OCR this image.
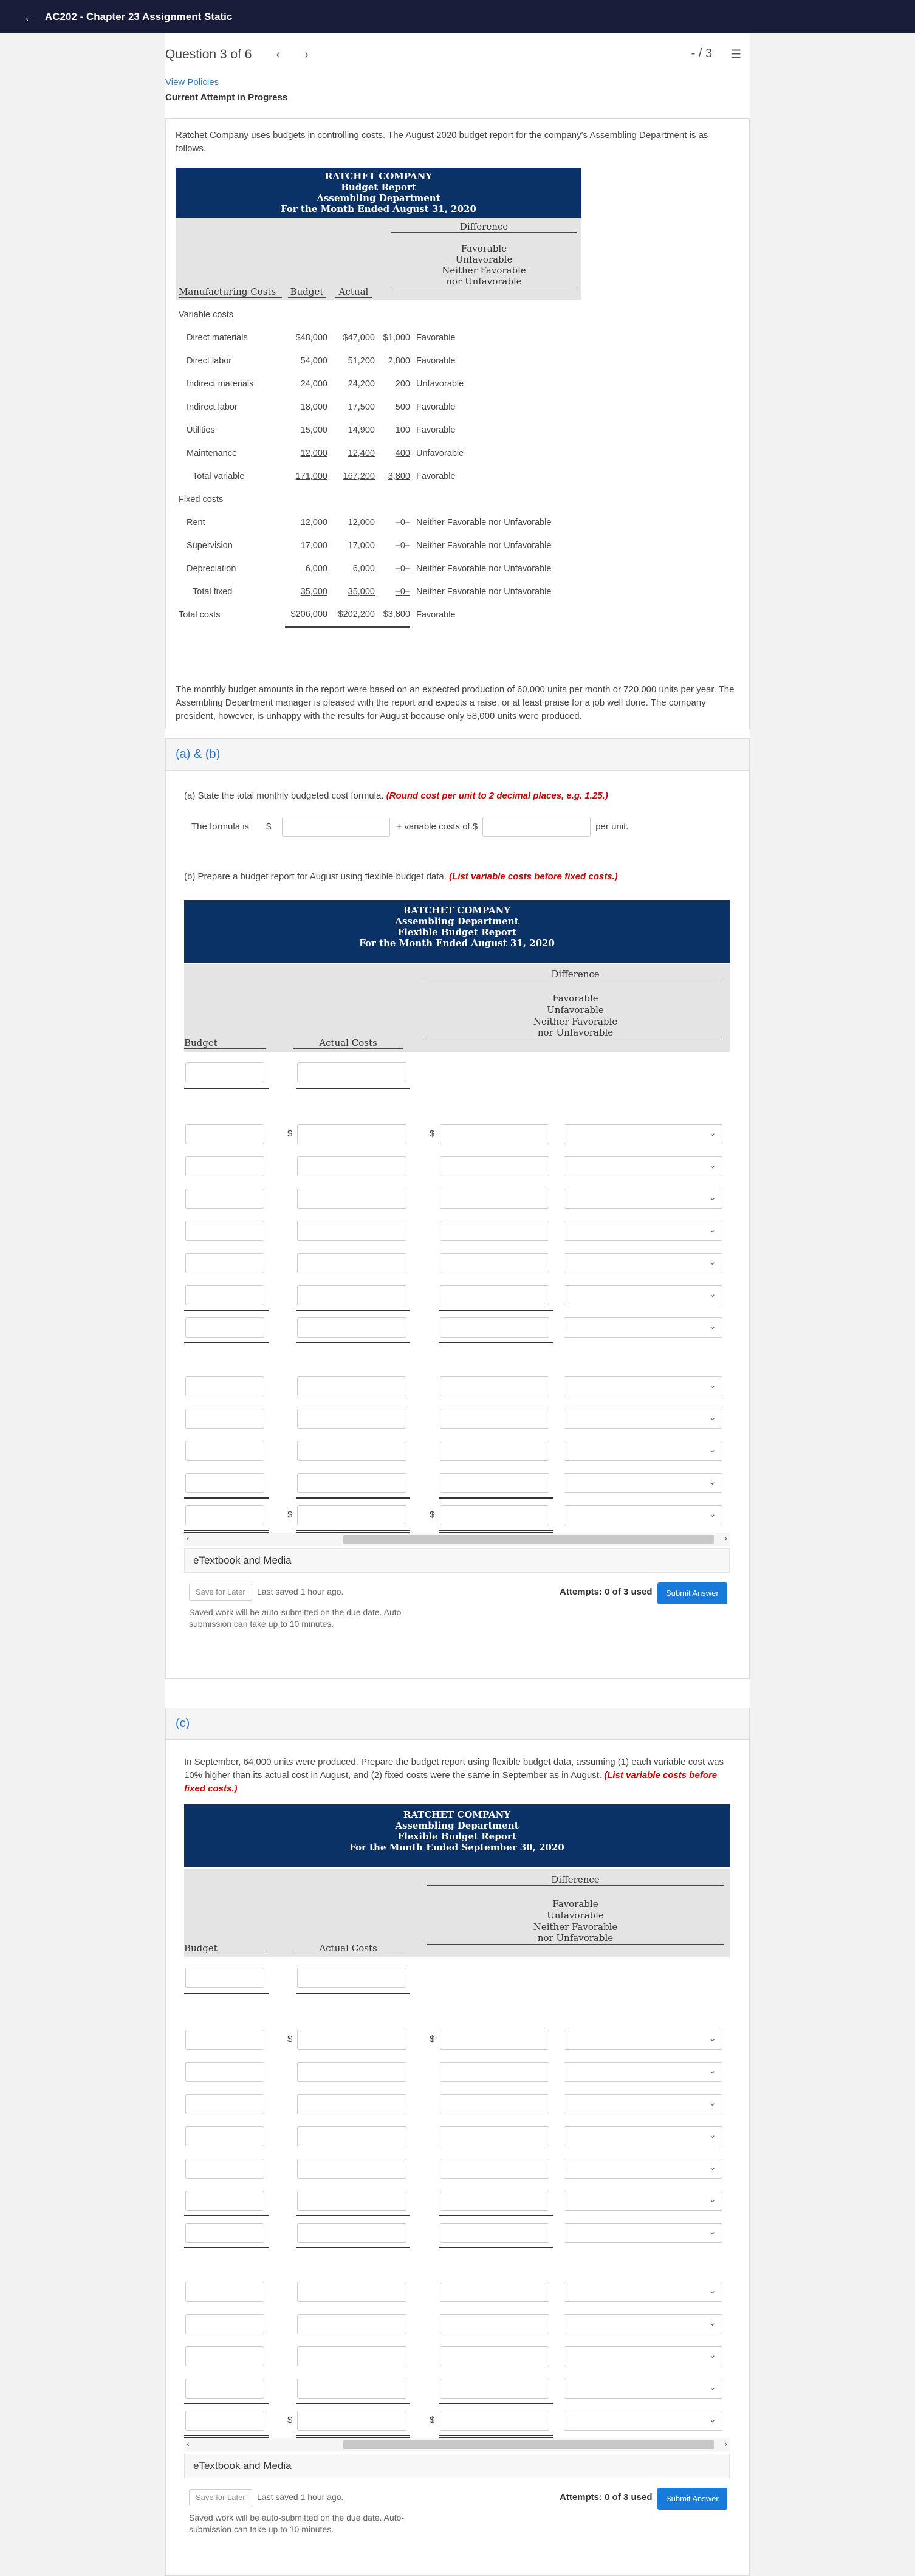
← AC202 - Chapter 23 Assignment Static
Question 3 of 6 ‹ ›	- / 3 ☰
View Policies
Current Attempt in Progress
Ratchet Company uses budgets in controlling costs. The August 2020 budget report for the company's Assembling Department is as follows.
RATCHET COMPANY
Budget Report
Assembling Department
For the Month Ended August 31, 2020
Difference
Favorable
Unfavorable
Neither Favorable
nor Unfavorable
Manufacturing Costs	Budget	Actual
Variable costs				
Direct materials	$48,000	$47,000	$1,000	Favorable
Direct labor	54,000	51,200	2,800	Favorable
Indirect materials	24,000	24,200	200	Unfavorable
Indirect labor	18,000	17,500	500	Favorable
Utilities	15,000	14,900	100	Favorable
Maintenance	12,000	12,400	400	Unfavorable
Total variable	171,000	167,200	3,800	Favorable
Fixed costs				
Rent	12,000	12,000	–0–	Neither Favorable nor Unfavorable
Supervision	17,000	17,000	–0–	Neither Favorable nor Unfavorable
Depreciation	6,000	6,000	–0–	Neither Favorable nor Unfavorable
Total fixed	35,000	35,000	–0–	Neither Favorable nor Unfavorable
Total costs	$206,000	$202,200	$3,800	Favorable
The monthly budget amounts in the report were based on an expected production of 60,000 units per month or 720,000 units per year. The Assembling Department manager is pleased with the report and expects a raise, or at least praise for a job well done. The company president, however, is unhappy with the results for August because only 58,000 units were produced.
(a) & (b)
(a) State the total monthly budgeted cost formula. (Round cost per unit to 2 decimal places, e.g. 1.25.)
The formula is $	+ variable costs of $	per unit.
(b) Prepare a budget report for August using flexible budget data. (List variable costs before fixed costs.)
RATCHET COMPANY
Assembling Department
Flexible Budget Report
For the Month Ended August 31, 2020
Difference
Favorable
Unfavorable
Neither Favorable
nor Unfavorable
Budget	Actual Costs
⌄
$	$
⌄
⌄
⌄
⌄
⌄
⌄
⌄
⌄
⌄
⌄
⌄
$	$
‹	›
eTextbook and Media
Save for Later	Last saved 1 hour ago.	Attempts: 0 of 3 used	Submit Answer
Saved work will be auto-submitted on the due date. Auto-submission can take up to 10 minutes.
(c)
In September, 64,000 units were produced. Prepare the budget report using flexible budget data, assuming (1) each variable cost was 10% higher than its actual cost in August, and (2) fixed costs were the same in September as in August. (List variable costs before fixed costs.)
RATCHET COMPANY
Assembling Department
Flexible Budget Report
For the Month Ended September 30, 2020
Difference
Favorable
Unfavorable
Neither Favorable
nor Unfavorable
Budget	Actual Costs
⌄
$	$
⌄
⌄
⌄
⌄
⌄
⌄
⌄
⌄
⌄
⌄
⌄
$	$
‹	›
eTextbook and Media
Save for Later	Last saved 1 hour ago.	Attempts: 0 of 3 used	Submit Answer
Saved work will be auto-submitted on the due date. Auto-submission can take up to 10 minutes.
